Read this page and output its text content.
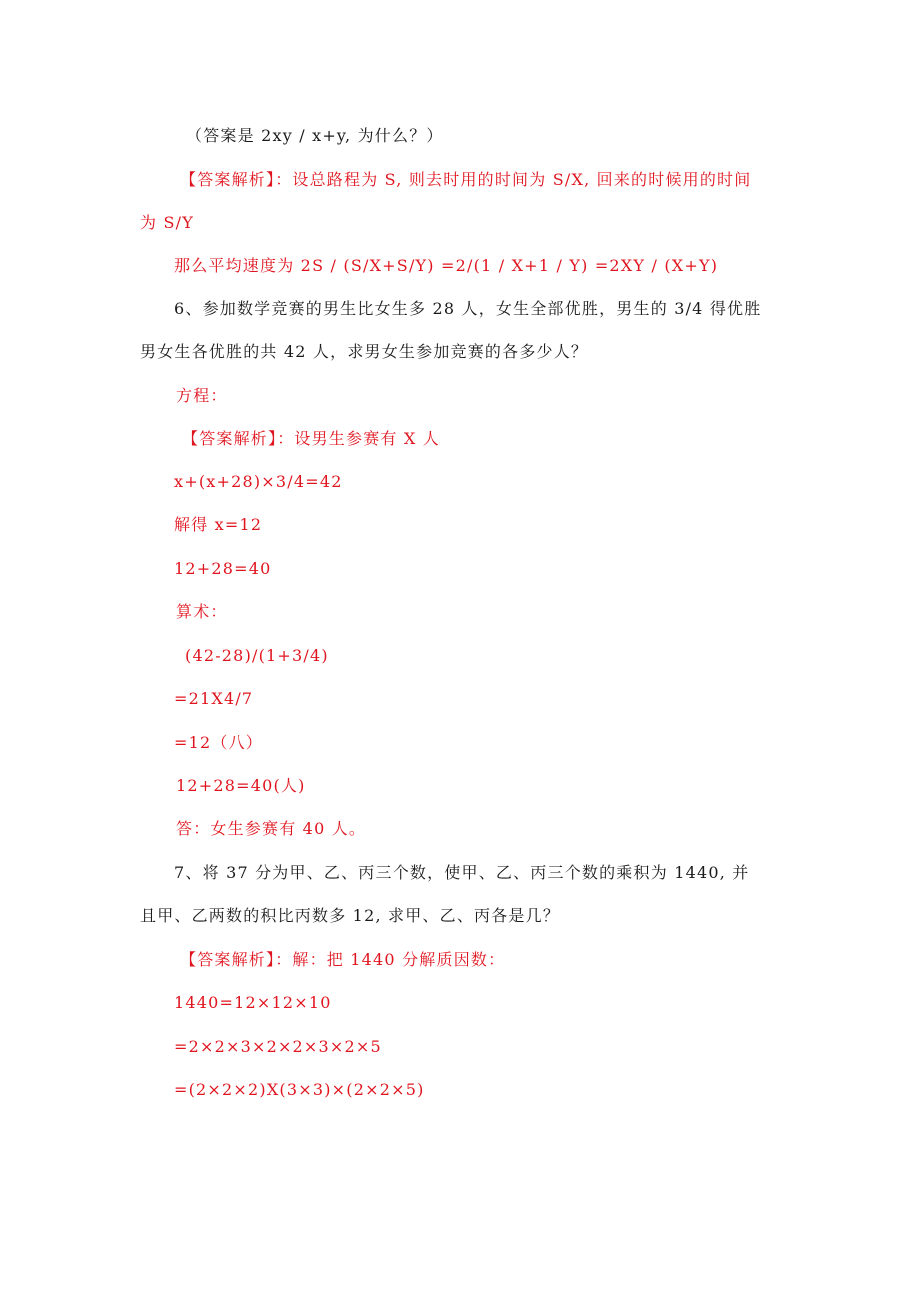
（答案是 2xy / x+y, 为什么？）
【答案解析】：设总路程为 S, 则去时用的时间为 S/X, 回来的时候用的时间
为 S/Y
那么平均速度为 2S / (S/X+S/Y) =2/(1 / X+1 / Y) =2XY / (X+Y)
6、参加数学竞赛的男生比女生多 28 人，女生全部优胜，男生的 3/4 得优胜
男女生各优胜的共 42 人，求男女生参加竞赛的各多少人？
方程：
【答案解析】：设男生参赛有 X 人
x+(x+28)×3/4=42
解得 x=12
12+28=40
算术：
(42-28)/(1+3/4)
=21X4/7
=12（八）
12+28=40(人)
答：女生参赛有 40 人。
7、将 37 分为甲、乙、丙三个数，使甲、乙、丙三个数的乘积为 1440, 并
且甲、乙两数的积比丙数多 12, 求甲、乙、丙各是几？
【答案解析】：解：把 1440 分解质因数：
1440=12×12×10
=2×2×3×2×2×3×2×5
=(2×2×2)X(3×3)×(2×2×5)
